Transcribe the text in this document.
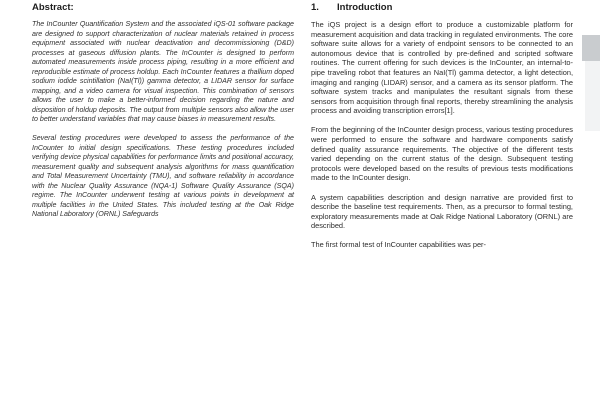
Abstract:

The InCounter Quantification System and the associated iQS-01 software package are designed to support characterization of nuclear materials retained in process equipment associated with nuclear deactivation and decommissioning (D&D) processes at gaseous diffusion plants. The InCounter is designed to perform automated measurements inside process piping, resulting in a more efficient and reproducible estimate of process holdup. Each InCounter features a thallium doped sodium iodide scintillation (NaI(Tl)) gamma detector, a LIDAR sensor for surface mapping, and a video camera for visual inspection. This combination of sensors allows the user to make a better-informed decision regarding the nature and disposition of holdup deposits. The output from multiple sensors also allow the user to better understand variables that may cause biases in measurement results.

Several testing procedures were developed to assess the performance of the InCounter to initial design specifications. These testing procedures included verifying device physical capabilities for performance limits and positional accuracy, measurement quality and subsequent analysis algorithms for mass quantification and Total Measurement Uncertainty (TMU), and software reliability in accordance with the Nuclear Quality Assurance (NQA-1) Software Quality Assurance (SQA) regime. The InCounter underwent testing at various points in development at multiple facilities in the United States. This included testing at the Oak Ridge National Laboratory (ORNL) Safeguards

1. Introduction

The iQS project is a design effort to produce a customizable platform for measurement acquisition and data tracking in regulated environments. The core software suite allows for a variety of endpoint sensors to be connected to an autonomous device that is controlled by pre-defined and scripted software routines. The current offering for such devices is the InCounter, an internal-to-pipe traveling robot that features an NaI(Tl) gamma detector, a light detection, imaging and ranging (LIDAR) sensor, and a camera as its sensor platform. The software system tracks and manipulates the resultant signals from these sensors from acquisition through final reports, thereby streamlining the analysis process and avoiding transcription errors[1].

From the beginning of the InCounter design process, various testing procedures were performed to ensure the software and hardware components satisfy defined quality assurance requirements. The objective of the different tests varied depending on the current status of the design. Subsequent testing protocols were developed based on the results of previous tests modifications made to the InCounter design.

A system capabilities description and design narrative are provided first to describe the baseline test requirements. Then, as a precursor to formal testing, exploratory measurements made at Oak Ridge National Laboratory (ORNL) are described.

The first formal test of InCounter capabilities was per-
